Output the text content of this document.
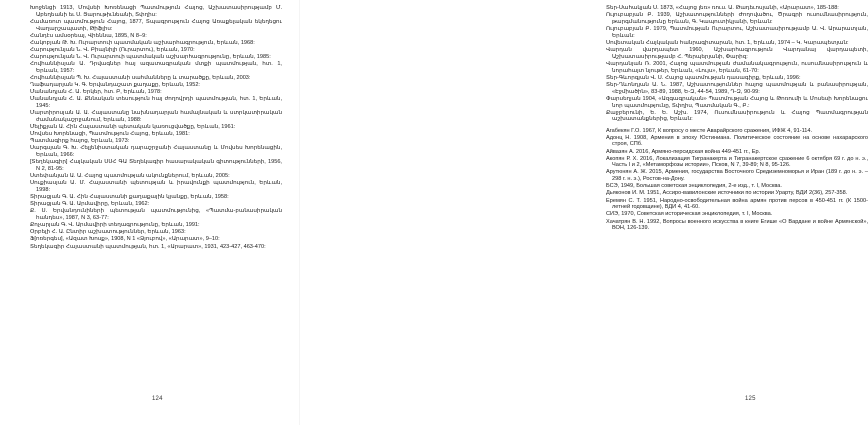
Խոջենցի 1913, Մովսեի Խոռենացի Պատմություն Հայոց, Աշխատասիրությամբ Մ. Աբեղեանի եւ Ս. Յարութիւնեանի, Տփղիս:

Համառոտ պատմություն Հայոց, 1877, Տպագրություն Հայոց Առաքելական եկեղեցու Վաղարշապատի, Թիֆլիս:

Հանդէս ամսօրեայ, Վիեննա, 1895, N 8–9:

Հակոբյան Թ. Խ. Ուրարտուի պատմական աշխարհագրություն, Երևան, 1968:

Հարությունյան Ն. Վ. Բիայնիլի (Ուրարտու), Երևան, 1970:

Հարությունյան Ն. Վ. Ուրարտուի պատմական աշխարհագրությունը, Երևան, 1985:

Հովհաննիսյան Ա. Դրվագներ հայ ազատագրական մտքի պատմության, հտ. 1, Երևան, 1957:

Հովհաննիսյան Պ. Խ. Հայաստանի սահմանները և տարածքը, Երևան, 2003:

Ղաֆադարյան Կ. Գ. Երվանդաշատ քաղաքը, Երևան, 1952:

Մանանդյան Հ. Ա. Երկեր, հտ. Բ, Երևան, 1978:

Մանանդյան Հ. Ա. Քննական տեսություն հայ ժողովրդի պատմության, հտ. 1, Երևան, 1945:

Մարտիրոսյան Ա. Ա. Հայաստանը նախնադարյան համայնական և ստրկատիրական ժամանակաշրջանում, Երևան, 1988:

Մելիքյան Ա. Հին Հայաստանի պետական կառուցվածքը, Երևան, 1961:

Մովսես Խորենացի, Պատմություն Հայոց, Երևան, 1981:

Պատմագիրք հայոց, Երևան, 1973:

Սարգսյան Գ. Խ. Հելլենիստական դարաշրջանի Հայաստանը և Մովսես Խորենացին, Երևան, 1966:

[Տեղեկագիր] Հայկական ՍՍՀ ԳԱ Տեղեկագիր հասարակական գիտությունների, 1956, N 2, 81-95:

Ստեփանյան Ա. Ա. Հայոց պատմության ակունքներում, Երևան, 2005:

Սուքիասյան Ա. Մ. Հայաստանի պետության և իրավունքի պատմություն, Երևան, 1998:

Տիրացյան Գ. Ա. Հին Հայաստանի քաղաքային կյանքը, Երևան, 1958:

Տիրացյան Գ. Ա. Արմավիրը, Երևան, 1962:

Ք. Ս. Երվանդունիների պետության պատմությունից, «Պատմա-բանասիրական հանդես», 1987, N 3, 63-77:

Քոչարյան Գ. Վ. Արմավիրի տեղագրությունը, Երևան, 1991:

Օրբելի Հ. Ա. Ընտիր աշխատություններ, Երևան, 1963:

Ֆ[ոռերգես], «Ազատ Խոսք», 1908, N 1 «Ձյուբով», «Արարատ», 9–10:

Տեղեկագիր Հայաստանի պատմության, հտ. 1, «Արարատ», 1931, 423-427, 463-470:

124

Տեր-Սահակյան Ս. 1873, «Հայոց լեռ» ռուս. Ա. Թադեւոսյանի, «Արարատ», 185-188:

Ուլուբաբյան Բ. 1939, Աշխատությունների Ժողովածու, Ծրագրի ուսումնասիրություն, թարգմանությունը Երևան, Գ. Կապուտիկյանի, Երևան:

Ուլուբաբյան Բ. 1979, Պատմության Ուրարտու, Աշխատասիրությամբ Ա. Վ. Արարատյան, Երևան:

Սովետական Հայկական հանրագիտարան, հտ. 1, Երևան, 1974 – Կ. Կարապետյան:

Վարդան վարդապետ 1960, Աշխարհագրություն Վարդանայ վարդապետի, Աշխատասիրությամբ Հ. Պերպերյանի, Փարիզ:

Վարդանյան Ռ. 2001, Հայոց պատմության ժամանակագրություն, ուսումնասիրություն և նորահայտ նյութեր, Երևան, «Լույս», Երևան, 61-70:

Տեր-Գևորգյան Վ. Ս. Հայոց պատմության դասագիրք, Երևան, 1996:

Տեր-Ղևոնդյան Ա. Ն. 1987, Աշխատություններ հայոց պատմության և բանասիրության, «Էջմիածին», 83-89, 1988, Ե-Զ, 44-54, 1989, Դ-Զ, 90-99:

Փարսեղյան 1904, «Ազգագրական» Պատմության Հայոց և Թոռումի և Մոսեսի Խորենացու նոր պատմությունը, Տփղիս, Պատմական Գ., Բ.:

Քաջբերունի, Ե. Ե. Աշխ. 1974, Ուսումնասիրություն և Հայոց Պատմագրության աշխատանքներից, Երևան:

Агабекян Г.О. 1967, К вопросу о месте Аварайрского сражения, ИФЖ 4, 91-114.

Адонц Н. 1908, Армения в эпоху Юстиниана. Политическое состояние на основе нахарарского строя, СПб.

Айвазян А. 2016, Армяно-персидская война 449-451 гг., Ер.

Акопян Р. Х. 2016, Локализация Тигранакерта и Тигранакертское сражение 6 октября 69 г. до н. э., Часть I и 2, «Метаморфозы истории», Псков, N 7, 39-89; N 8, 95-126.

Арутюнян А. Ж. 2015, Армения, государства Восточного Средиземноморья и Иран (189 г. до н. э. – 298 г. н. э.), Ростов-на-Дону.

БСЭ, 1949, Большая советская энциклопедия, 2-е изд., т. I, Москва.

Дьяконов И. М. 1951, Ассиро-вавилонские источники по истории Урарту, ВДИ 2(36), 257-358.

Еремян С. Т. 1951, Народно-освободительная война армян против персов в 450-451 гг. (К 1500-летней годовщине), ВДИ 4, 41-60.

СИЭ, 1970, Советская историческая энциклопедия, т. I, Москва.

Хачатрян В. Н. 1992, Вопросы военного искусства в книге Егише «О Вардане и войне Армянской», ВОН, 126-139.

125
